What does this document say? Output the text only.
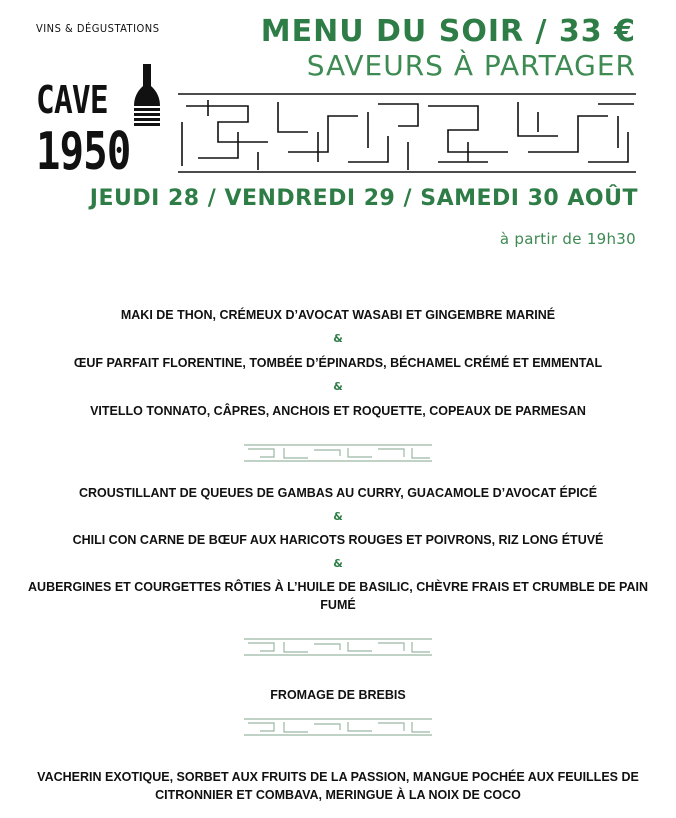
VINS & DÉGUSTATIONS
CAVE
1950
MENU DU SOIR / 33 €
SAVEURS À PARTAGER
JEUDI 28 / VENDREDI 29 / SAMEDI 30 AOÛT
à partir de 19h30
MAKI DE THON, CRÉMEUX D’AVOCAT WASABI ET GINGEMBRE MARINÉ
&
ŒUF PARFAIT FLORENTINE, TOMBÉE D’ÉPINARDS, BÉCHAMEL CRÉMÉ ET EMMENTAL
&
VITELLO TONNATO, CÂPRES, ANCHOIS ET ROQUETTE, COPEAUX DE PARMESAN
CROUSTILLANT DE QUEUES DE GAMBAS AU CURRY, GUACAMOLE D’AVOCAT ÉPICÉ
&
CHILI CON CARNE DE BŒUF AUX HARICOTS ROUGES ET POIVRONS, RIZ LONG ÉTUVÉ
&
AUBERGINES ET COURGETTES RÔTIES À L’HUILE DE BASILIC, CHÈVRE FRAIS ET CRUMBLE DE PAIN FUMÉ
FROMAGE DE BREBIS
VACHERIN EXOTIQUE, SORBET AUX FRUITS DE LA PASSION, MANGUE POCHÉE AUX FEUILLES DE CITRONNIER ET COMBAVA, MERINGUE À LA NOIX DE COCO
